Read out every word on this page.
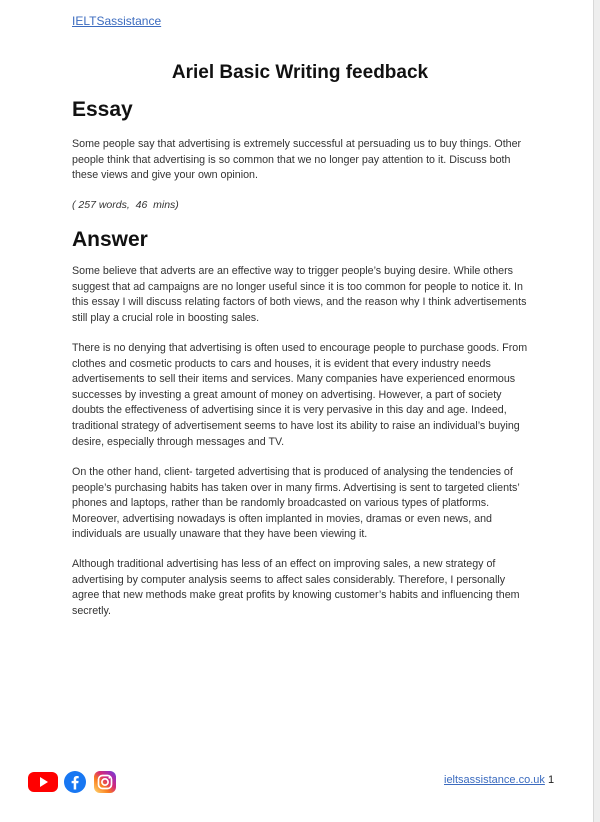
IELTSassistance
Ariel Basic Writing feedback
Essay
Some people say that advertising is extremely successful at persuading us to buy things. Other people think that advertising is so common that we no longer pay attention to it. Discuss both these views and give your own opinion.
( 257 words,  46  mins)
Answer
Some believe that adverts are an effective way to trigger people’s buying desire. While others suggest that ad campaigns are no longer useful since it is too common for people to notice it. In this essay I will discuss relating factors of both views, and the reason why I think advertisements still play a crucial role in boosting sales.
There is no denying that advertising is often used to encourage people to purchase goods. From clothes and cosmetic products to cars and houses, it is evident that every industry needs advertisements to sell their items and services. Many companies have experienced enormous successes by investing a great amount of money on advertising. However, a part of society doubts the effectiveness of advertising since it is very pervasive in this day and age. Indeed, traditional strategy of advertisement seems to have lost its ability to raise an individual’s buying desire, especially through messages and TV.
On the other hand, client- targeted advertising that is produced of analysing the tendencies of people’s purchasing habits has taken over in many firms. Advertising is sent to targeted clients’ phones and laptops, rather than be randomly broadcasted on various types of platforms. Moreover, advertising nowadays is often implanted in movies, dramas or even news, and individuals are usually unaware that they have been viewing it.
Although traditional advertising has less of an effect on improving sales, a new strategy of advertising by computer analysis seems to affect sales considerably. Therefore, I personally agree that new methods make great profits by knowing customer’s habits and influencing them secretly.
ieltsassistance.co.uk 1
